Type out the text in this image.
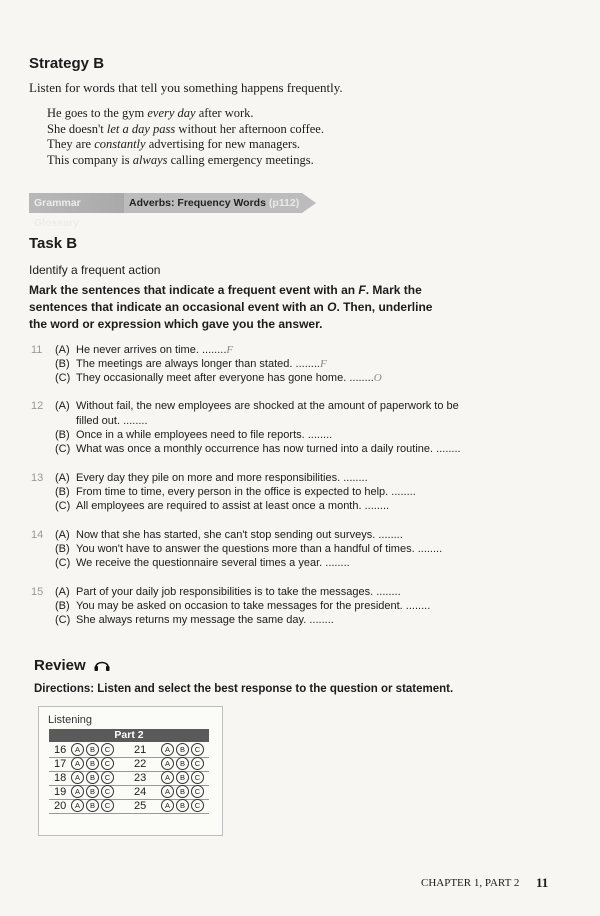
Strategy B
Listen for words that tell you something happens frequently.
He goes to the gym every day after work.
She doesn't let a day pass without her afternoon coffee.
They are constantly advertising for new managers.
This company is always calling emergency meetings.
Grammar Glossary
Adverbs: Frequency Words (p112)
Task B
Identify a frequent action
Mark the sentences that indicate a frequent event with an F. Mark the sentences that indicate an occasional event with an O. Then, underline the word or expression which gave you the answer.
11 (A) He never arrives on time. ........F
(B) The meetings are always longer than stated. ........F
(C) They occasionally meet after everyone has gone home. ........O
12 (A) Without fail, the new employees are shocked at the amount of paperwork to be filled out. ........
(B) Once in a while employees need to file reports. ........
(C) What was once a monthly occurrence has now turned into a daily routine. ........
13 (A) Every day they pile on more and more responsibilities. ........
(B) From time to time, every person in the office is expected to help. ........
(C) All employees are required to assist at least once a month. ........
14 (A) Now that she has started, she can't stop sending out surveys. ........
(B) You won't have to answer the questions more than a handful of times. ........
(C) We receive the questionnaire several times a year. ........
15 (A) Part of your daily job responsibilities is to take the messages. ........
(B) You may be asked on occasion to take messages for the president. ........
(C) She always returns my message the same day. ........
Review
Directions: Listen and select the best response to the question or statement.
Listening
Part 2
16	A B C	21	A B C
17	A B C	22	A B C
18	A B C	23	A B C
19	A B C	24	A B C
20	A B C	25	A B C
CHAPTER 1, PART 2 11
